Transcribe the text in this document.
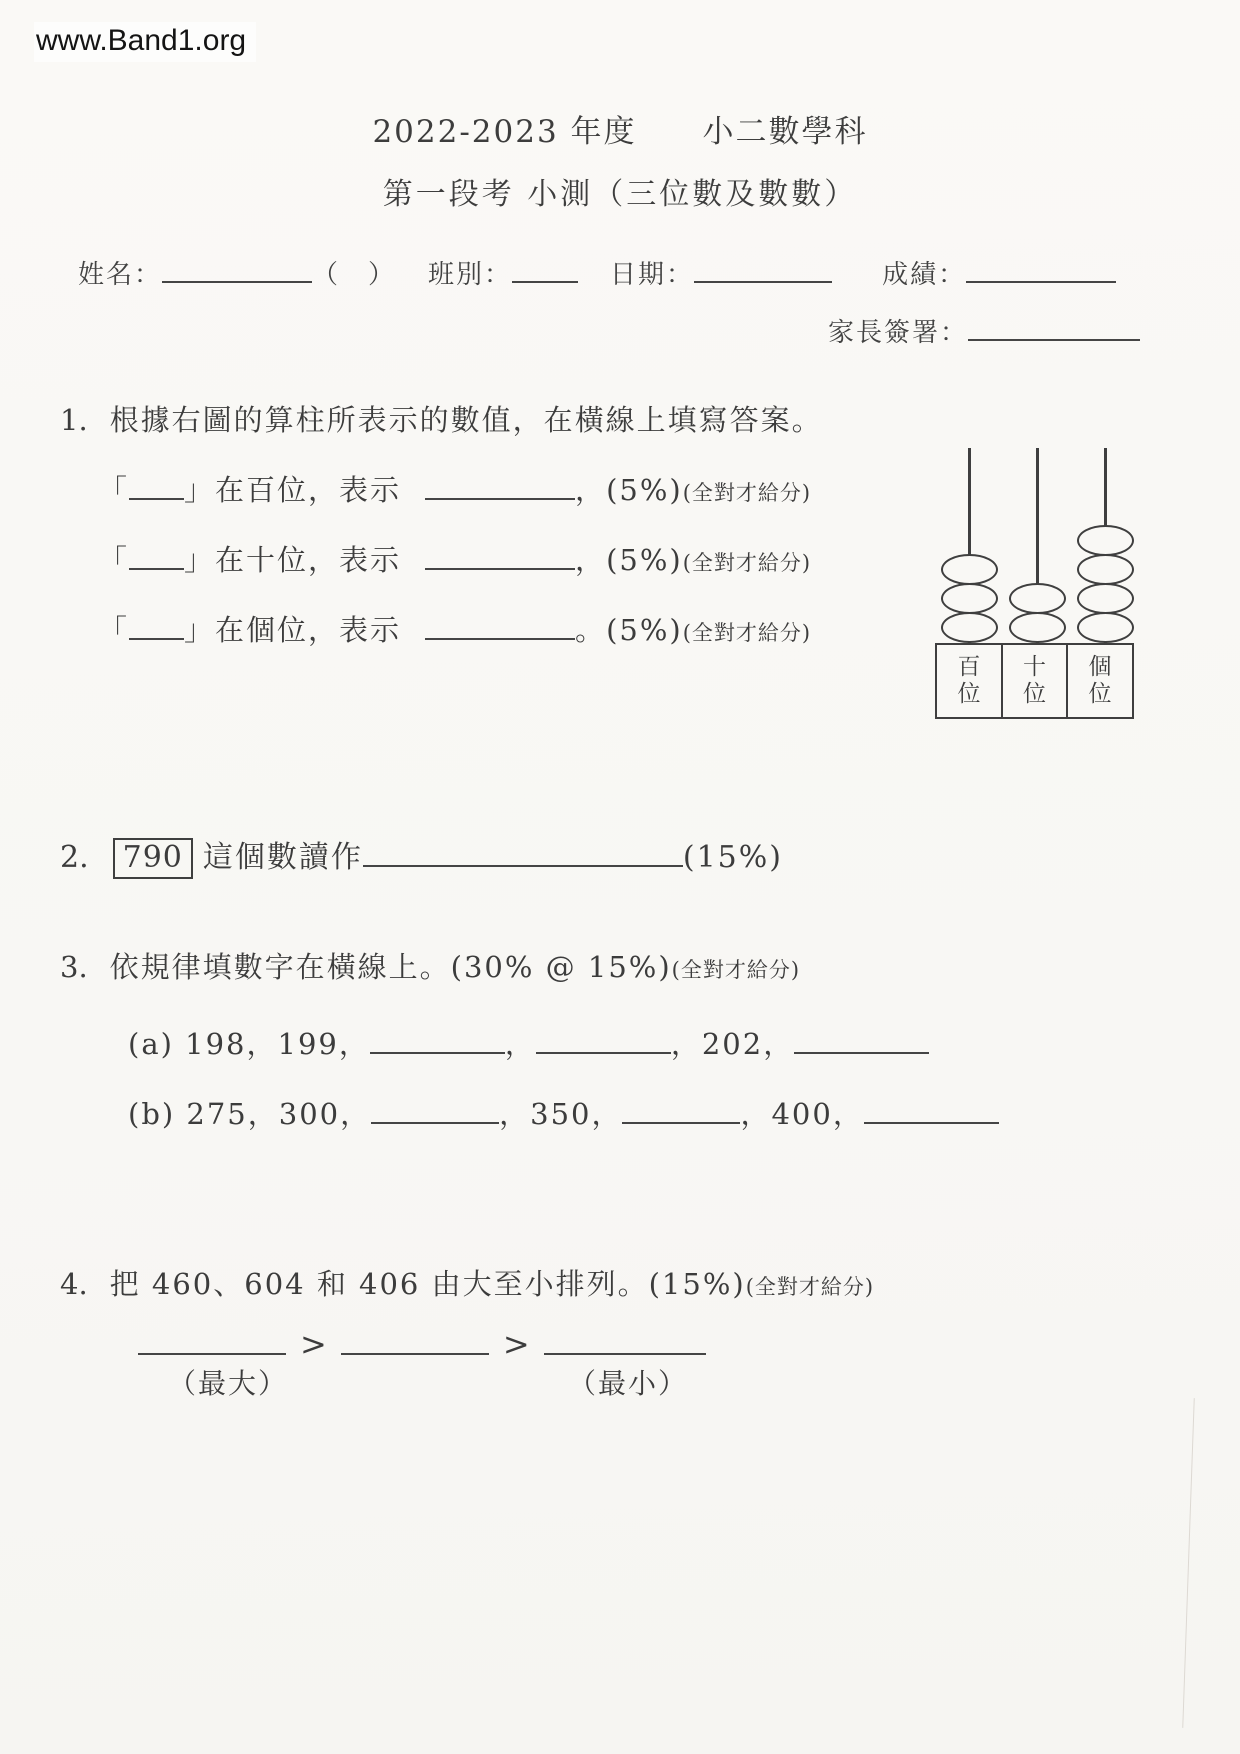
www.Band1.org
2022-2023 年度　　小二數學科
第一段考 小測（三位數及數數）
姓名：	（　） 班別：	日期：	成績：
家長簽署：
1. 根據右圖的算柱所表示的數值，在橫線上填寫答案。
「 」在百位，表示	，(5%)(全對才給分)
「 」在十位，表示	，(5%)(全對才給分)
「 」在個位，表示	。(5%)(全對才給分)
百位
十位
個位
2. 790 這個數讀作	(15%)
3. 依規律填數字在橫線上。(30% @ 15%)(全對才給分)
(a) 198，199，	，	，202，
(b) 275，300，	，350，	，400，
4. 把 460、604 和 406 由大至小排列。(15%)(全對才給分)
>	>
（最大）	（最小）
